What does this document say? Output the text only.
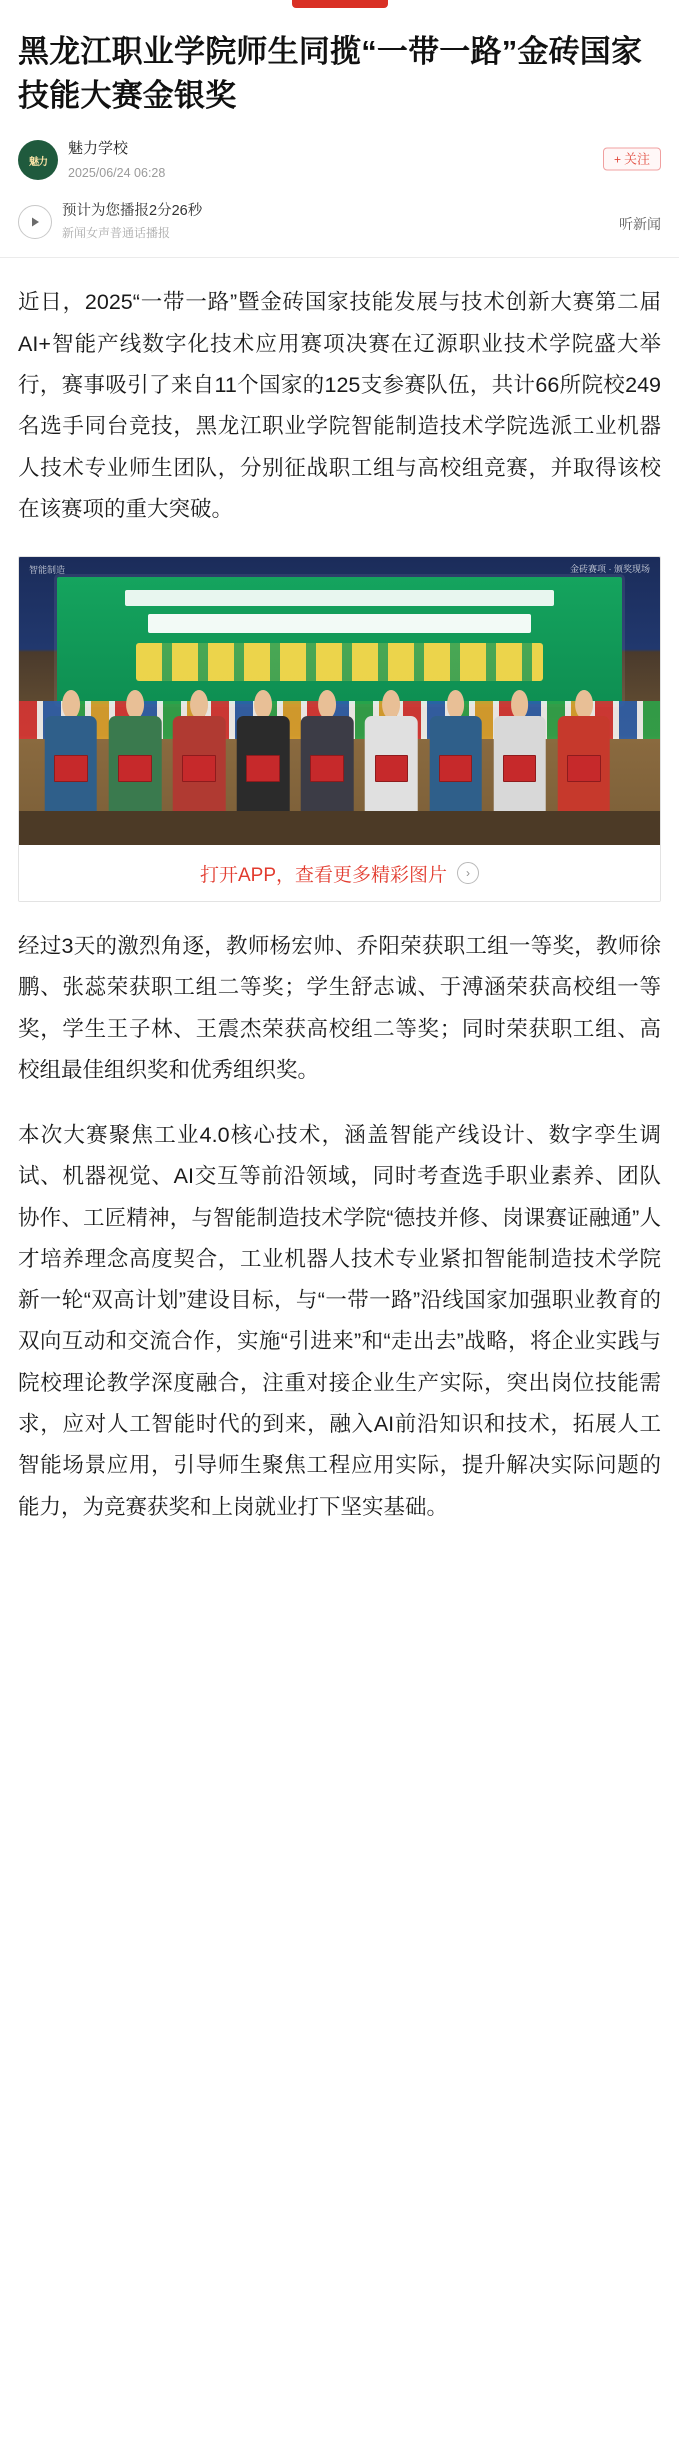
黑龙江职业学院师生同揽“一带一路”金砖国家技能大赛金银奖
魅力
魅力学校
2025/06/24 06:28
+ 关注
预计为您播报2分26秒
新闻女声普通话播报
听新闻

近日，2025“一带一路”暨金砖国家技能发展与技术创新大赛第二届AI+智能产线数字化技术应用赛项决赛在辽源职业技术学院盛大举行，赛事吸引了来自11个国家的125支参赛队伍，共计66所院校249名选手同台竞技，黑龙江职业学院智能制造技术学院选派工业机器人技术专业师生团队，分别征战职工组与高校组竞赛，并取得该校在该赛项的重大突破。

智能制造	金砖赛项 · 颁奖现场
打开APP，查看更多精彩图片	›

经过3天的激烈角逐，教师杨宏帅、乔阳荣获职工组一等奖，教师徐鹏、张蕊荣获职工组二等奖；学生舒志诚、于溥涵荣获高校组一等奖，学生王子林、王震杰荣获高校组二等奖；同时荣获职工组、高校组最佳组织奖和优秀组织奖。

本次大赛聚焦工业4.0核心技术，涵盖智能产线设计、数字孪生调试、机器视觉、AI交互等前沿领域，同时考查选手职业素养、团队协作、工匠精神，与智能制造技术学院“德技并修、岗课赛证融通”人才培养理念高度契合，工业机器人技术专业紧扣智能制造技术学院新一轮“双高计划”建设目标，与“一带一路”沿线国家加强职业教育的双向互动和交流合作，实施“引进来”和“走出去”战略，将企业实践与院校理论教学深度融合，注重对接企业生产实际，突出岗位技能需求，应对人工智能时代的到来，融入AI前沿知识和技术，拓展人工智能场景应用，引导师生聚焦工程应用实际，提升解决实际问题的能力，为竞赛获奖和上岗就业打下坚实基础。
